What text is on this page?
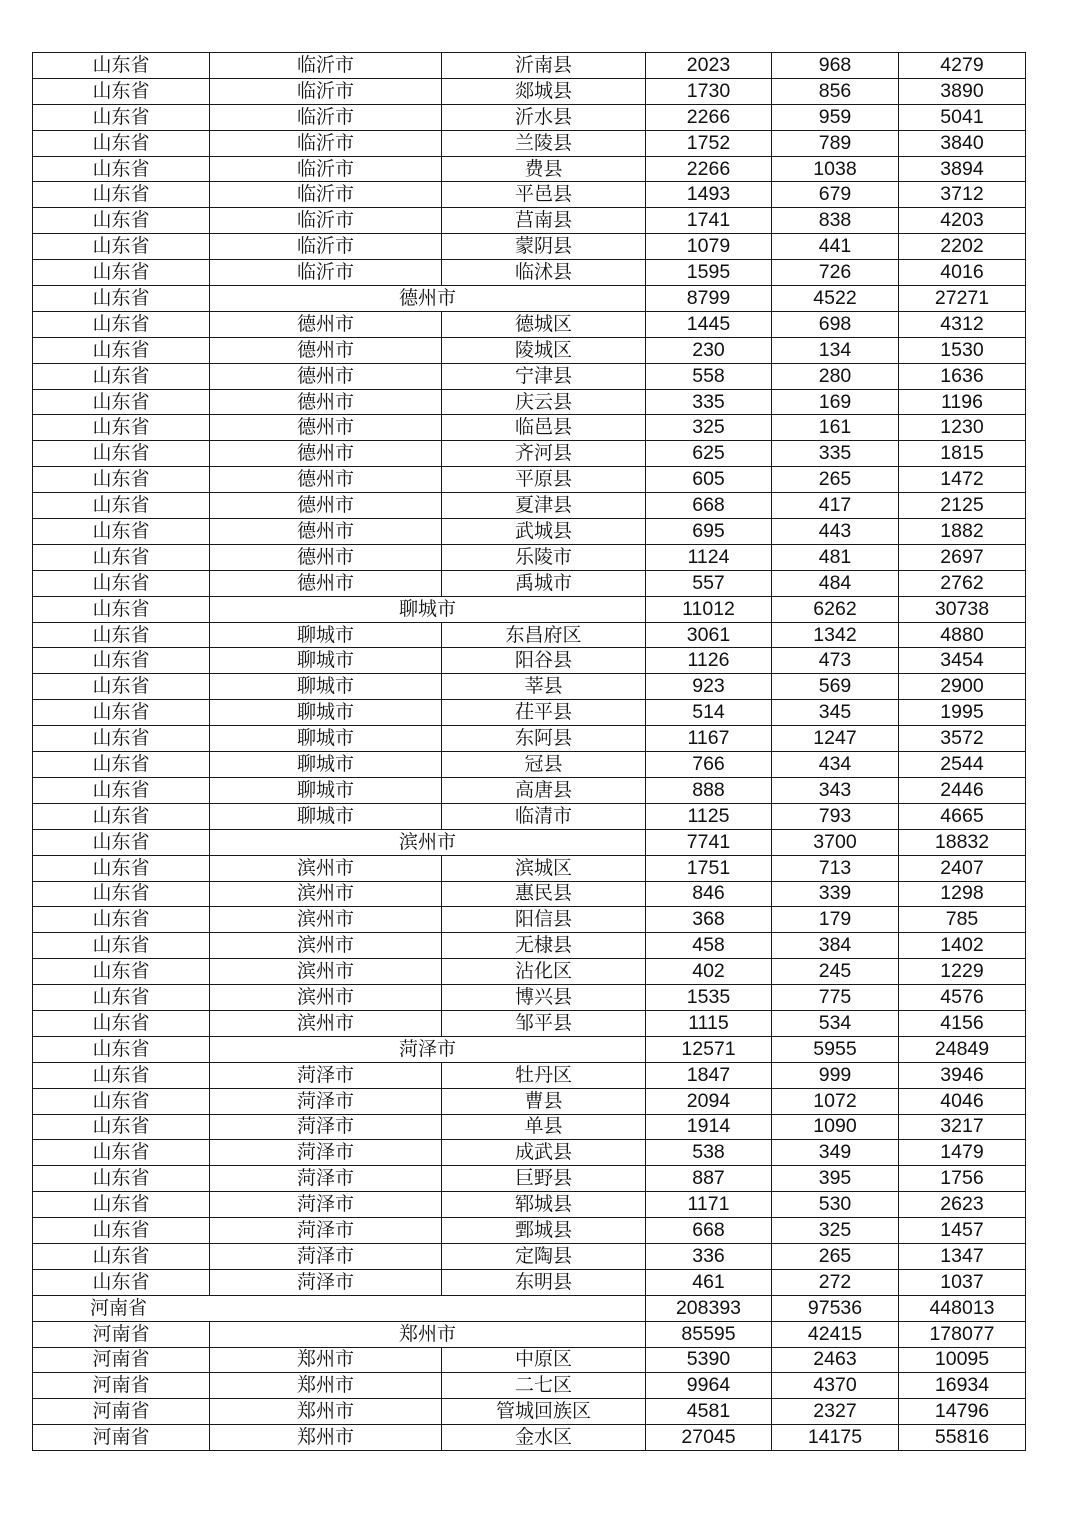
山东省	临沂市	沂南县	2023	968	4279
山东省	临沂市	郯城县	1730	856	3890
山东省	临沂市	沂水县	2266	959	5041
山东省	临沂市	兰陵县	1752	789	3840
山东省	临沂市	费县	2266	1038	3894
山东省	临沂市	平邑县	1493	679	3712
山东省	临沂市	莒南县	1741	838	4203
山东省	临沂市	蒙阴县	1079	441	2202
山东省	临沂市	临沭县	1595	726	4016
山东省	德州市		8799	4522	27271
山东省	德州市	德城区	1445	698	4312
山东省	德州市	陵城区	230	134	1530
山东省	德州市	宁津县	558	280	1636
山东省	德州市	庆云县	335	169	1196
山东省	德州市	临邑县	325	161	1230
山东省	德州市	齐河县	625	335	1815
山东省	德州市	平原县	605	265	1472
山东省	德州市	夏津县	668	417	2125
山东省	德州市	武城县	695	443	1882
山东省	德州市	乐陵市	1124	481	2697
山东省	德州市	禹城市	557	484	2762
山东省	聊城市		11012	6262	30738
山东省	聊城市	东昌府区	3061	1342	4880
山东省	聊城市	阳谷县	1126	473	3454
山东省	聊城市	莘县	923	569	2900
山东省	聊城市	茌平县	514	345	1995
山东省	聊城市	东阿县	1167	1247	3572
山东省	聊城市	冠县	766	434	2544
山东省	聊城市	高唐县	888	343	2446
山东省	聊城市	临清市	1125	793	4665
山东省	滨州市		7741	3700	18832
山东省	滨州市	滨城区	1751	713	2407
山东省	滨州市	惠民县	846	339	1298
山东省	滨州市	阳信县	368	179	785
山东省	滨州市	无棣县	458	384	1402
山东省	滨州市	沾化区	402	245	1229
山东省	滨州市	博兴县	1535	775	4576
山东省	滨州市	邹平县	1115	534	4156
山东省	菏泽市		12571	5955	24849
山东省	菏泽市	牡丹区	1847	999	3946
山东省	菏泽市	曹县	2094	1072	4046
山东省	菏泽市	单县	1914	1090	3217
山东省	菏泽市	成武县	538	349	1479
山东省	菏泽市	巨野县	887	395	1756
山东省	菏泽市	郓城县	1171	530	2623
山东省	菏泽市	鄄城县	668	325	1457
山东省	菏泽市	定陶县	336	265	1347
山东省	菏泽市	东明县	461	272	1037
河南省			208393	97536	448013
河南省	郑州市		85595	42415	178077
河南省	郑州市	中原区	5390	2463	10095
河南省	郑州市	二七区	9964	4370	16934
河南省	郑州市	管城回族区	4581	2327	14796
河南省	郑州市	金水区	27045	14175	55816
